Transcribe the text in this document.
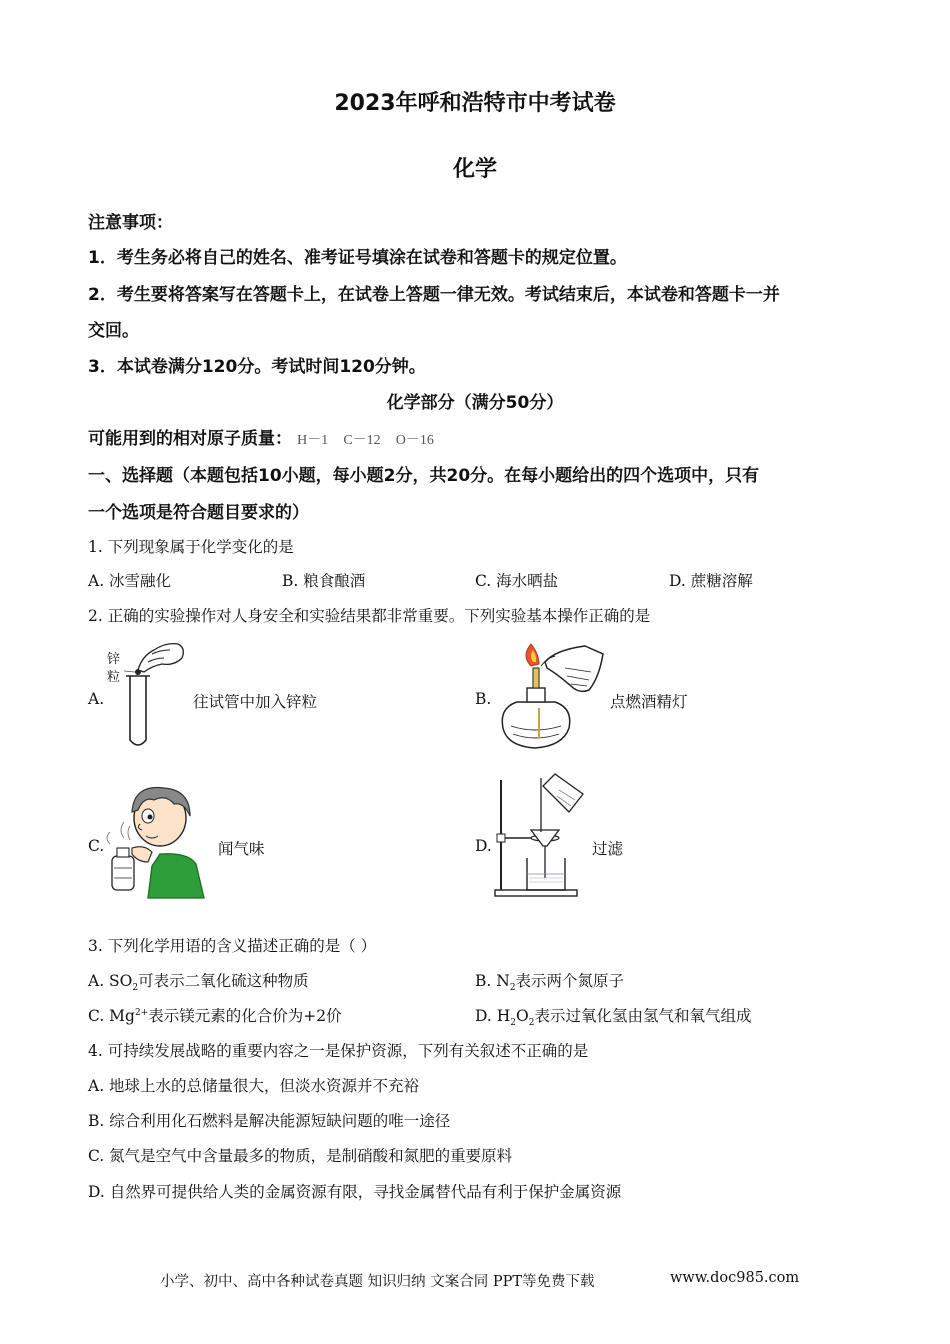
2023年呼和浩特市中考试卷
化学
注意事项：
1．考生务必将自己的姓名、准考证号填涂在试卷和答题卡的规定位置。
2．考生要将答案写在答题卡上，在试卷上答题一律无效。考试结束后，本试卷和答题卡一并
交回。
3．本试卷满分120分。考试时间120分钟。
化学部分（满分50分）
可能用到的相对原子质量： H－1 C－12 O－16
一、选择题（本题包括10小题，每小题2分，共20分。在每小题给出的四个选项中，只有
一个选项是符合题目要求的）
1. 下列现象属于化学变化的是
A. 冰雪融化	B. 粮食酿酒	C. 海水晒盐	D. 蔗糖溶解
2. 正确的实验操作对人身安全和实验结果都非常重要。下列实验基本操作正确的是
A.
锌
粒
往试管中加入锌粒	B.	点燃酒精灯
C.	闻气味	D.	过滤
3. 下列化学用语的含义描述正确的是（ ）
A. $SO_2$可表示二氧化硫这种物质	B. $N_2$表示两个氮原子
C. $Mg^{2+}$表示镁元素的化合价为+2价	D. $H_2O_2$表示过氧化氢由氢气和氧气组成
4. 可持续发展战略的重要内容之一是保护资源，下列有关叙述不正确的是
A. 地球上水的总储量很大，但淡水资源并不充裕
B. 综合利用化石燃料是解决能源短缺问题的唯一途径
C. 氮气是空气中含量最多的物质，是制硝酸和氮肥的重要原料
D. 自然界可提供给人类的金属资源有限，寻找金属替代品有利于保护金属资源
小学、初中、高中各种试卷真题 知识归纳 文案合同 PPT等免费下载	www.doc985.com
